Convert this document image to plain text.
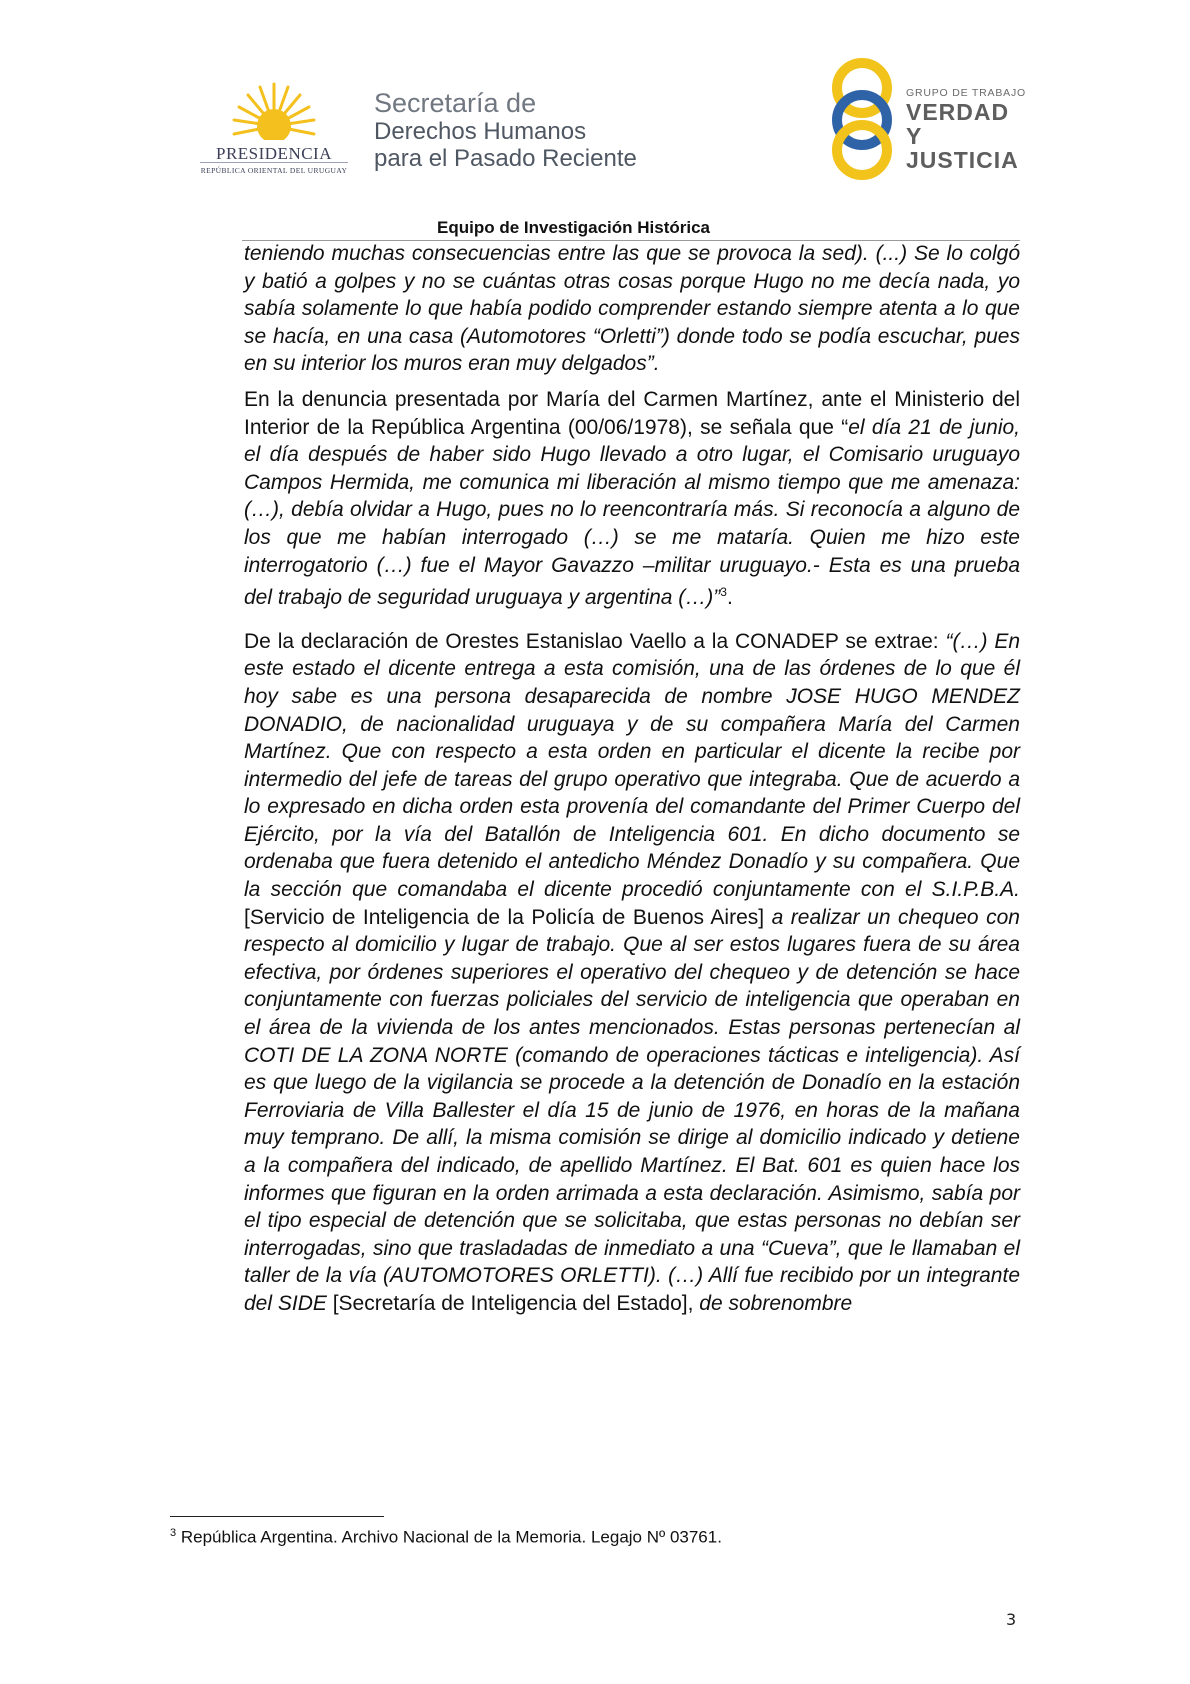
PRESIDENCIA
REPÚBLICA ORIENTAL DEL URUGUAY
Secretaría de
Derechos Humanos
para el Pasado Reciente
GRUPO DE TRABAJO
VERDAD Y
JUSTICIA
Equipo de Investigación Histórica

teniendo muchas consecuencias entre las que se provoca la sed). (...) Se lo colgó y batió a golpes y no se cuántas otras cosas porque Hugo no me decía nada, yo sabía solamente lo que había podido comprender estando siempre atenta a lo que se hacía, en una casa (Automotores “Orletti”) donde todo se podía escuchar, pues en su interior los muros eran muy delgados”.

En la denuncia presentada por María del Carmen Martínez, ante el Ministerio del Interior de la República Argentina (00/06/1978), se señala que “el día 21 de junio, el día después de haber sido Hugo llevado a otro lugar, el Comisario uruguayo Campos Hermida, me comunica mi liberación al mismo tiempo que me amenaza: (…), debía olvidar a Hugo, pues no lo reencontraría más. Si reconocía a alguno de los que me habían interrogado (…) se me mataría. Quien me hizo este interrogatorio (…) fue el Mayor Gavazzo –militar uruguayo.- Esta es una prueba del trabajo de seguridad uruguaya y argentina (…)”$^3$.

De la declaración de Orestes Estanislao Vaello a la CONADEP se extrae: “(…) En este estado el dicente entrega a esta comisión, una de las órdenes de lo que él hoy sabe es una persona desaparecida de nombre JOSE HUGO MENDEZ DONADIO, de nacionalidad uruguaya y de su compañera María del Carmen Martínez. Que con respecto a esta orden en particular el dicente la recibe por intermedio del jefe de tareas del grupo operativo que integraba. Que de acuerdo a lo expresado en dicha orden esta provenía del comandante del Primer Cuerpo del Ejército, por la vía del Batallón de Inteligencia 601. En dicho documento se ordenaba que fuera detenido el antedicho Méndez Donadío y su compañera. Que la sección que comandaba el dicente procedió conjuntamente con el S.I.P.B.A. [Servicio de Inteligencia de la Policía de Buenos Aires] a realizar un chequeo con respecto al domicilio y lugar de trabajo. Que al ser estos lugares fuera de su área efectiva, por órdenes superiores el operativo del chequeo y de detención se hace conjuntamente con fuerzas policiales del servicio de inteligencia que operaban en el área de la vivienda de los antes mencionados. Estas personas pertenecían al COTI DE LA ZONA NORTE (comando de operaciones tácticas e inteligencia). Así es que luego de la vigilancia se procede a la detención de Donadío en la estación Ferroviaria de Villa Ballester el día 15 de junio de 1976, en horas de la mañana muy temprano. De allí, la misma comisión se dirige al domicilio indicado y detiene a la compañera del indicado, de apellido Martínez. El Bat. 601 es quien hace los informes que figuran en la orden arrimada a esta declaración. Asimismo, sabía por el tipo especial de detención que se solicitaba, que estas personas no debían ser interrogadas, sino que trasladadas de inmediato a una “Cueva”, que le llamaban el taller de la vía (AUTOMOTORES ORLETTI). (…) Allí fue recibido por un integrante del SIDE [Secretaría de Inteligencia del Estado], de sobrenombre

$^3$ República Argentina. Archivo Nacional de la Memoria. Legajo Nº 03761.
3
